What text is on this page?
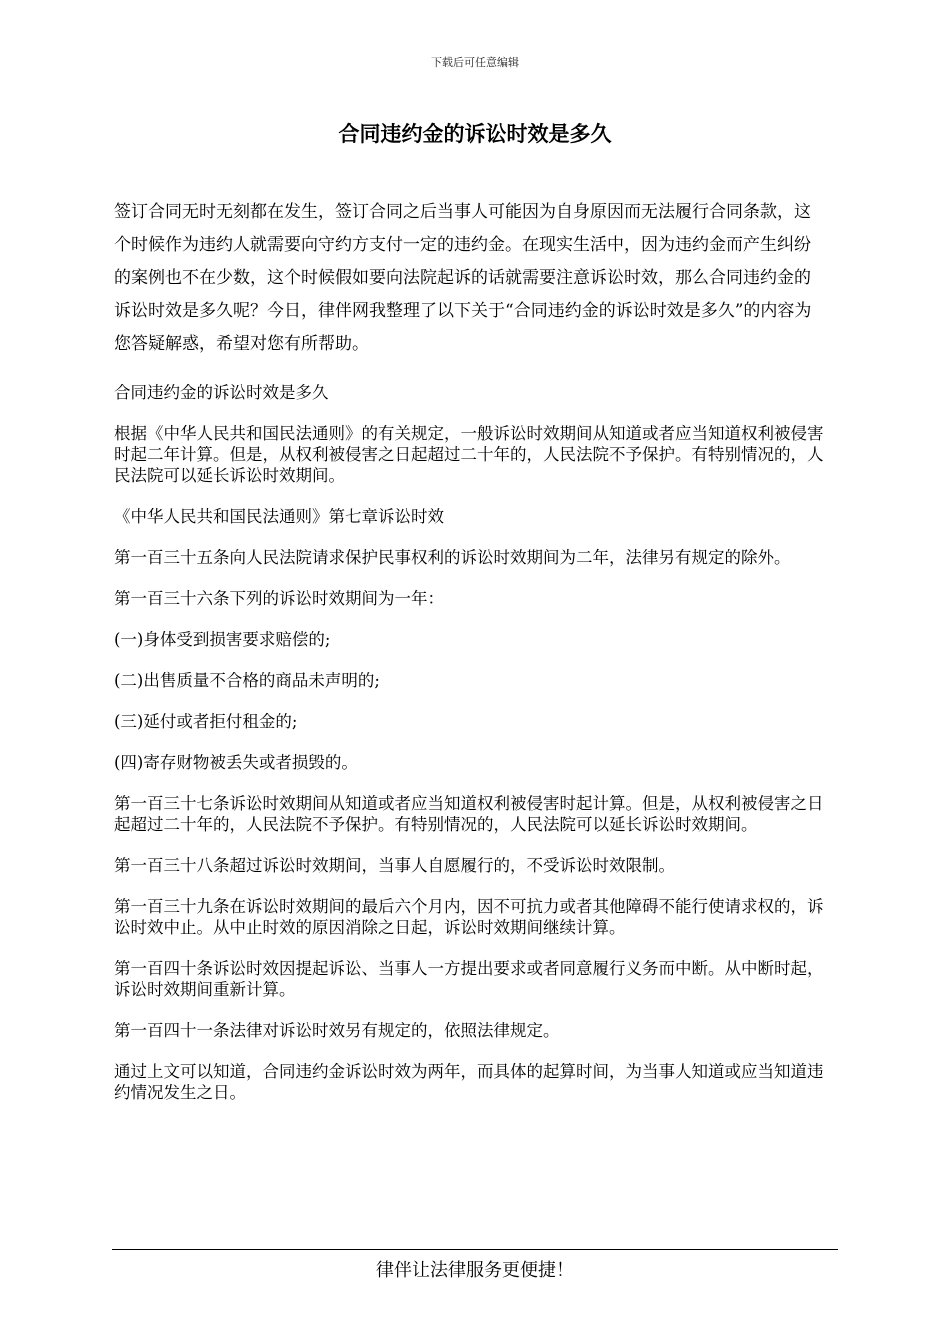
下载后可任意编辑
合同违约金的诉讼时效是多久

签订合同无时无刻都在发生，签订合同之后当事人可能因为自身原因而无法履行合同条款，这个时候作为违约人就需要向守约方支付一定的违约金。在现实生活中，因为违约金而产生纠纷的案例也不在少数，这个时候假如要向法院起诉的话就需要注意诉讼时效，那么合同违约金的诉讼时效是多久呢？今日，律伴网我整理了以下关于“合同违约金的诉讼时效是多久”的内容为您答疑解惑，希望对您有所帮助。

合同违约金的诉讼时效是多久

根据《中华人民共和国民法通则》的有关规定，一般诉讼时效期间从知道或者应当知道权利被侵害时起二年计算。但是，从权利被侵害之日起超过二十年的，人民法院不予保护。有特别情况的，人民法院可以延长诉讼时效期间。

《中华人民共和国民法通则》第七章诉讼时效

第一百三十五条向人民法院请求保护民事权利的诉讼时效期间为二年，法律另有规定的除外。

第一百三十六条下列的诉讼时效期间为一年：

(一)身体受到损害要求赔偿的;

(二)出售质量不合格的商品未声明的;

(三)延付或者拒付租金的;

(四)寄存财物被丢失或者损毁的。

第一百三十七条诉讼时效期间从知道或者应当知道权利被侵害时起计算。但是，从权利被侵害之日起超过二十年的，人民法院不予保护。有特别情况的，人民法院可以延长诉讼时效期间。

第一百三十八条超过诉讼时效期间，当事人自愿履行的，不受诉讼时效限制。

第一百三十九条在诉讼时效期间的最后六个月内，因不可抗力或者其他障碍不能行使请求权的，诉讼时效中止。从中止时效的原因消除之日起，诉讼时效期间继续计算。

第一百四十条诉讼时效因提起诉讼、当事人一方提出要求或者同意履行义务而中断。从中断时起，诉讼时效期间重新计算。

第一百四十一条法律对诉讼时效另有规定的，依照法律规定。

通过上文可以知道，合同违约金诉讼时效为两年，而具体的起算时间，为当事人知道或应当知道违约情况发生之日。

律伴让法律服务更便捷！
